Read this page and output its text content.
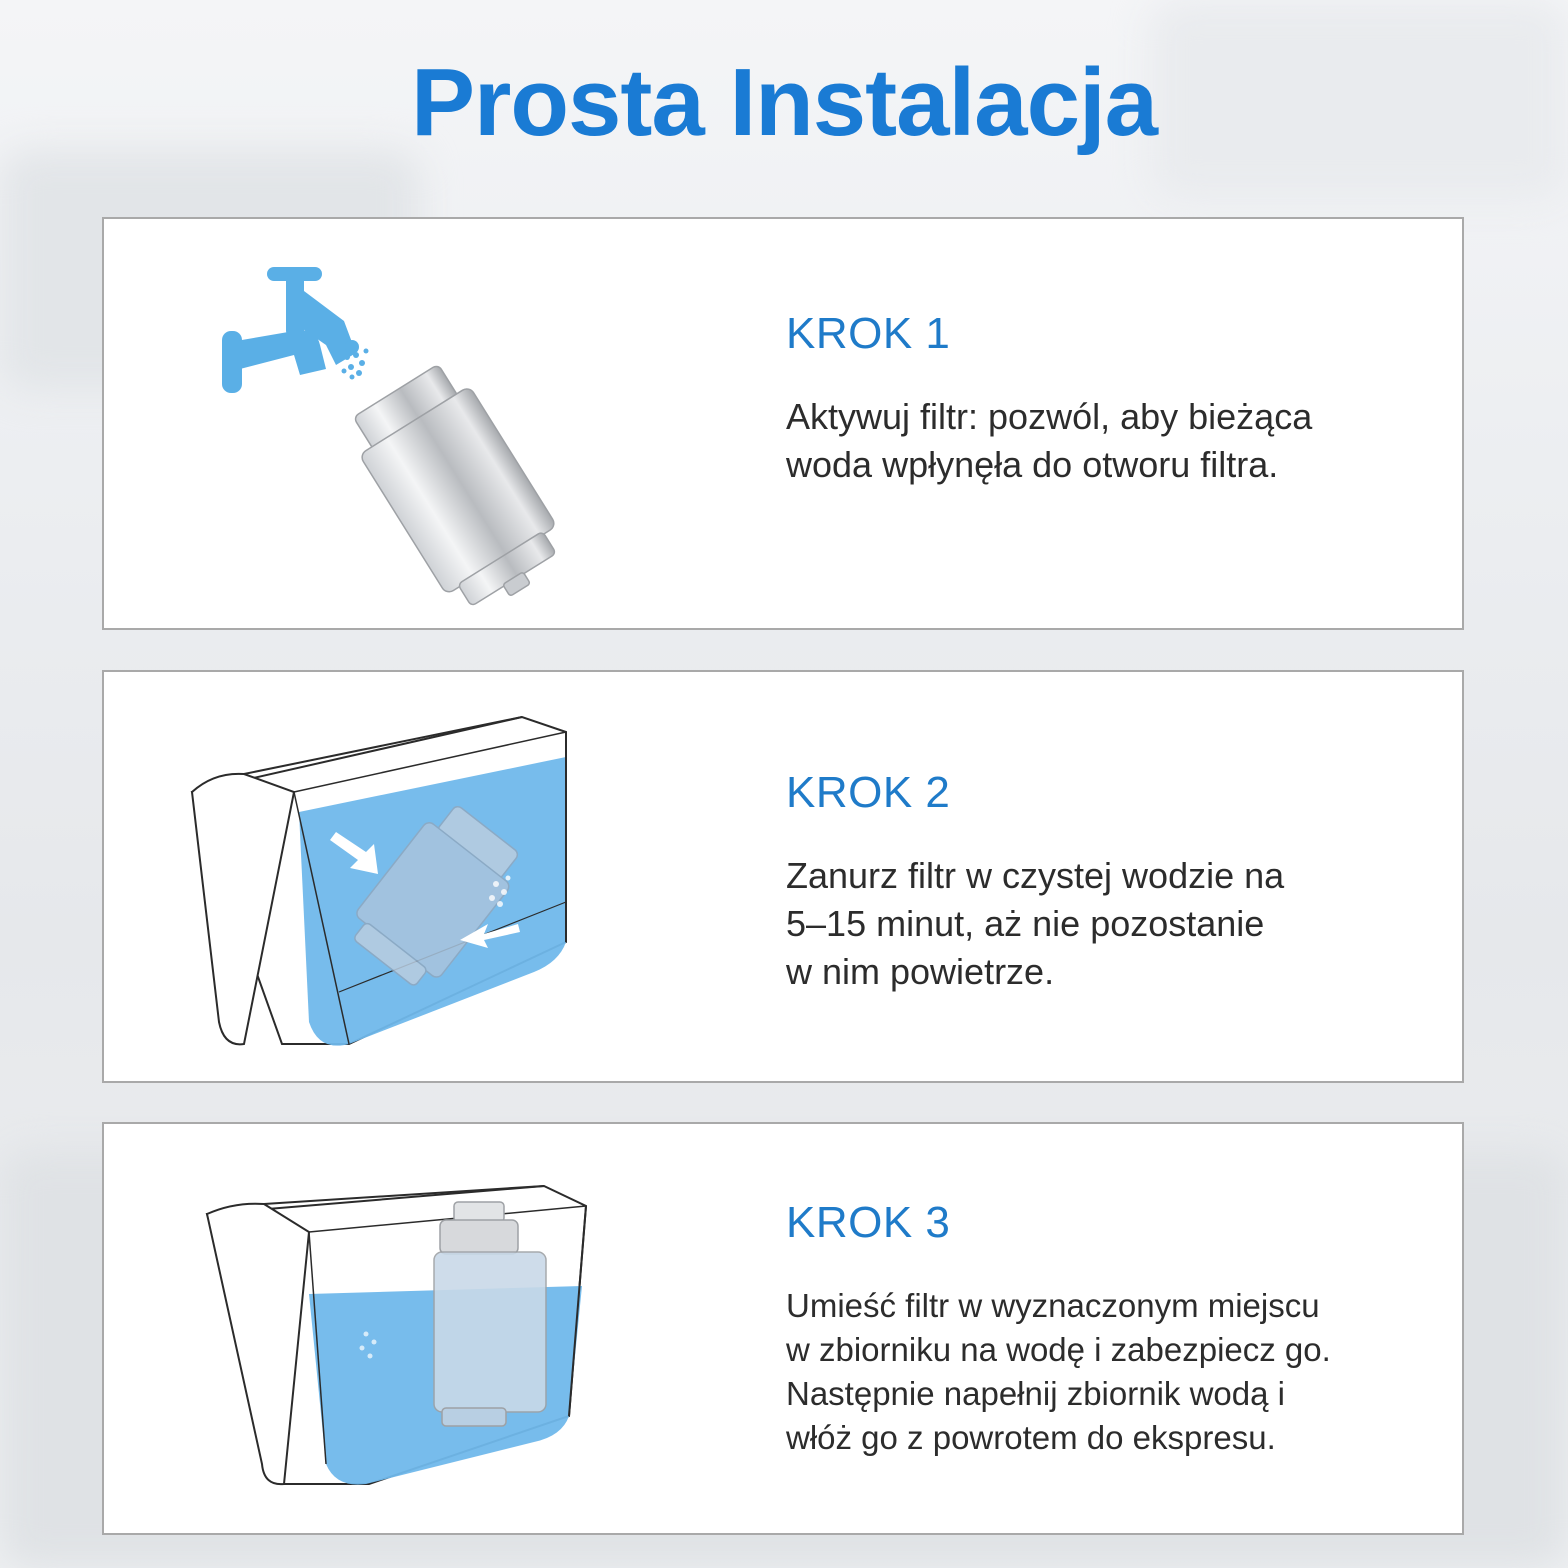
Prosta Instalacja
KROK 1

Aktywuj filtr: pozwól, aby bieżąca
woda wpłynęła do otworu filtra.

KROK 2

Zanurz filtr w czystej wodzie na
5–15 minut, aż nie pozostanie
w nim powietrze.

KROK 3

Umieść filtr w wyznaczonym miejscu
w zbiorniku na wodę i zabezpiecz go.
Następnie napełnij zbiornik wodą i
włóż go z powrotem do ekspresu.
